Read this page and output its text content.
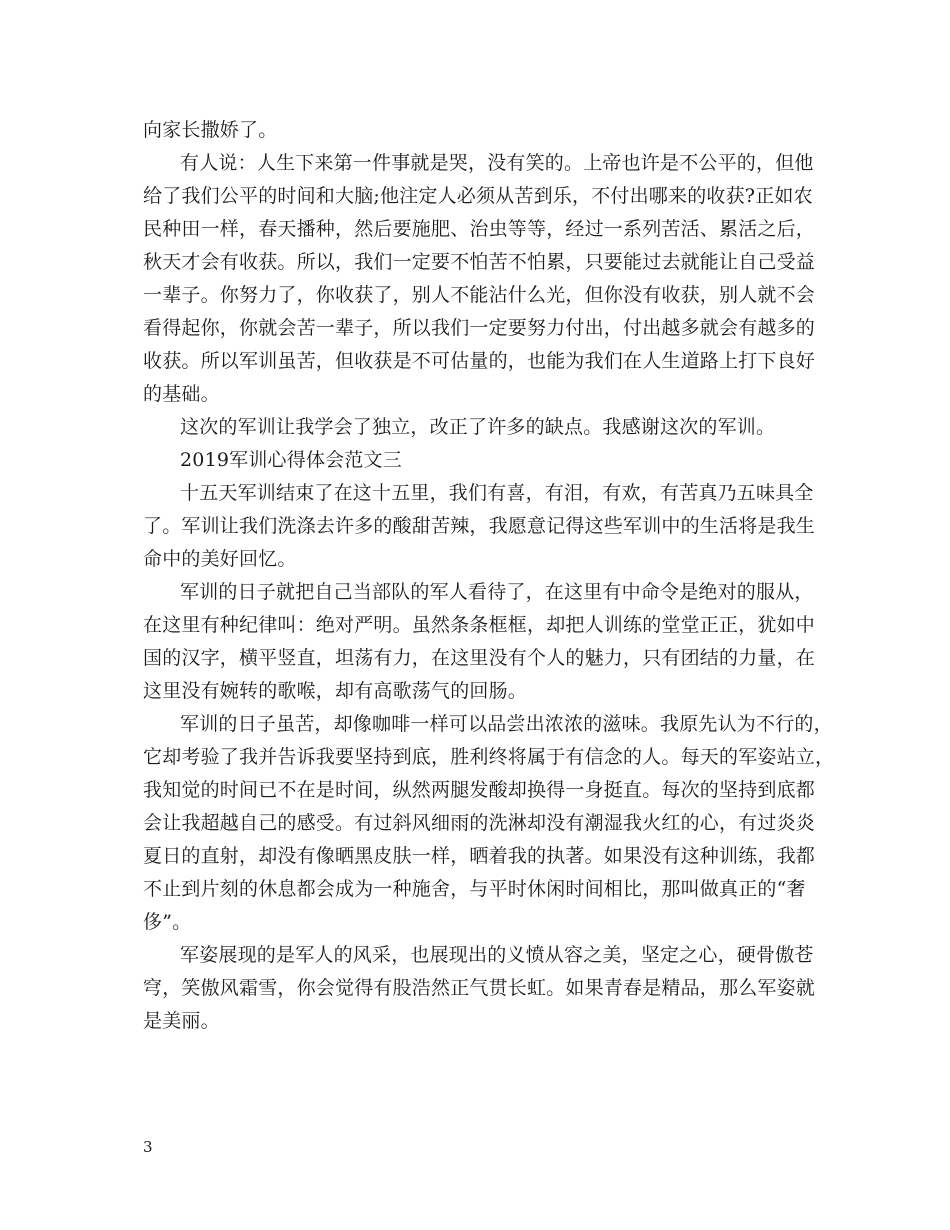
向家长撒娇了。

有人说：人生下来第一件事就是哭，没有笑的。上帝也许是不公平的，但他

给了我们公平的时间和大脑;他注定人必须从苦到乐，不付出哪来的收获?正如农

民种田一样，春天播种，然后要施肥、治虫等等，经过一系列苦活、累活之后，

秋天才会有收获。所以，我们一定要不怕苦不怕累，只要能过去就能让自己受益

一辈子。你努力了，你收获了，别人不能沾什么光，但你没有收获，别人就不会

看得起你，你就会苦一辈子，所以我们一定要努力付出，付出越多就会有越多的

收获。所以军训虽苦，但收获是不可估量的，也能为我们在人生道路上打下良好

的基础。

这次的军训让我学会了独立，改正了许多的缺点。我感谢这次的军训。

2019军训心得体会范文三

十五天军训结束了在这十五里，我们有喜，有泪，有欢，有苦真乃五味具全

了。军训让我们洗涤去许多的酸甜苦辣，我愿意记得这些军训中的生活将是我生

命中的美好回忆。

军训的日子就把自己当部队的军人看待了，在这里有中命令是绝对的服从，

在这里有种纪律叫：绝对严明。虽然条条框框，却把人训练的堂堂正正，犹如中

国的汉字，横平竖直，坦荡有力，在这里没有个人的魅力，只有团结的力量，在

这里没有婉转的歌喉，却有高歌荡气的回肠。

军训的日子虽苦，却像咖啡一样可以品尝出浓浓的滋味。我原先认为不行的，

它却考验了我并告诉我要坚持到底，胜利终将属于有信念的人。每天的军姿站立，

我知觉的时间已不在是时间，纵然两腿发酸却换得一身挺直。每次的坚持到底都

会让我超越自己的感受。有过斜风细雨的洗淋却没有潮湿我火红的心，有过炎炎

夏日的直射，却没有像晒黑皮肤一样，晒着我的执著。如果没有这种训练，我都

不止到片刻的休息都会成为一种施舍，与平时休闲时间相比，那叫做真正的“奢

侈”。

军姿展现的是军人的风采，也展现出的义愤从容之美，坚定之心，硬骨傲苍

穹，笑傲风霜雪，你会觉得有股浩然正气贯长虹。如果青春是精品，那么军姿就

是美丽。

3
